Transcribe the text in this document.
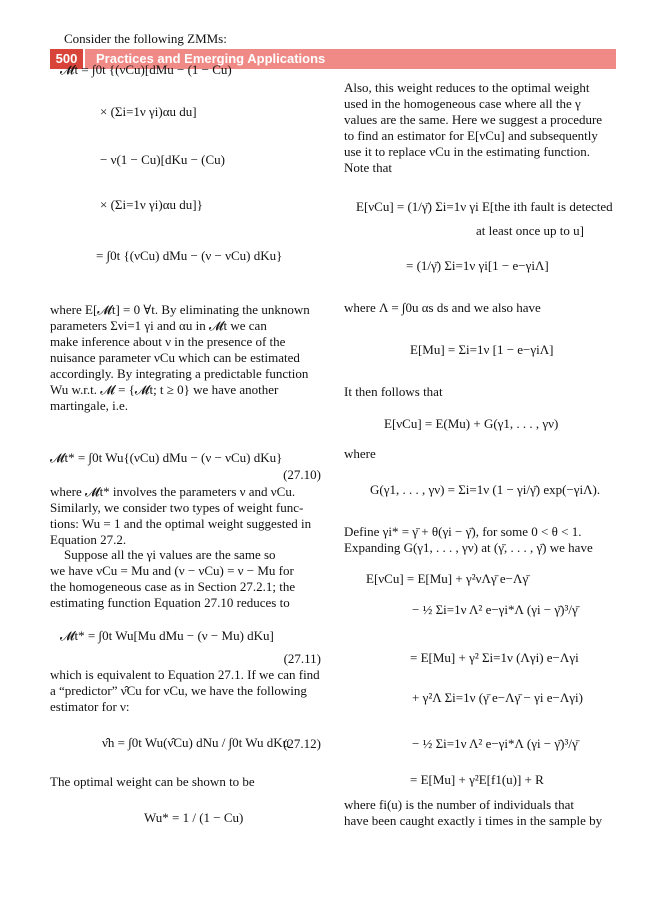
500	Practices and Emerging Applications
Consider the following ZMMs:
𝓜t = ∫0t {(νCu)[dMu − (1 − Cu)
× (Σi=1ν γi)αu du]
− ν(1 − Cu)[dKu − (Cu)
× (Σi=1ν γi)αu du]}
= ∫0t {(νCu) dMu − (ν − νCu) dKu}
where E[𝓜t] = 0 ∀t. By eliminating the unknown
parameters Σνi=1 γi and αu in 𝓜t we can
make inference about ν in the presence of the
nuisance parameter νCu which can be estimated
accordingly. By integrating a predictable function
Wu w.r.t. 𝓜 = {𝓜t; t ≥ 0} we have another
martingale, i.e.
𝓜t* = ∫0t Wu{(νCu) dMu − (ν − νCu) dKu}
(27.10)
where 𝓜t* involves the parameters ν and νCu.
Similarly, we consider two types of weight func-
tions: Wu = 1 and the optimal weight suggested in
Equation 27.2.
Suppose all the γi values are the same so
we have νCu = Mu and (ν − νCu) = ν − Mu for
the homogeneous case as in Section 27.2.1; the
estimating function Equation 27.10 reduces to
𝓜t* = ∫0t Wu[Mu dMu − (ν − Mu) dKu]
(27.11)
which is equivalent to Equation 27.1. If we can find
a “predictor” ν̂Cu for νCu, we have the following
estimator for ν:
ν̂h = ∫0t Wu(ν̂Cu) dNu / ∫0t Wu dKu
(27.12)
The optimal weight can be shown to be
Wu* = 1 / (1 − Cu)
Also, this weight reduces to the optimal weight
used in the homogeneous case where all the γ
values are the same. Here we suggest a procedure
to find an estimator for E[νCu] and subsequently
use it to replace νCu in the estimating function.
Note that
E[νCu] = (1/γ̄) Σi=1ν γi E[the ith fault is detected
at least once up to u]
= (1/γ̄) Σi=1ν γi[1 − e−γiΛ]
where Λ = ∫0u αs ds and we also have
E[Mu] = Σi=1ν [1 − e−γiΛ]
It then follows that
E[νCu] = E(Mu) + G(γ1, . . . , γν)
where
G(γ1, . . . , γν) = Σi=1ν (1 − γi/γ̄) exp(−γiΛ).
Define γi* = γ̄ + θ(γi − γ̄), for some 0 < θ < 1.
Expanding G(γ1, . . . , γν) at (γ̄, . . . , γ̄) we have
E[νCu] = E[Mu] + γ²νΛγ̄ e−Λγ̄
− ½ Σi=1ν Λ² e−γi*Λ (γi − γ̄)³/γ̄
= E[Mu] + γ² Σi=1ν (Λγi) e−Λγi
+ γ²Λ Σi=1ν (γ̄ e−Λγ̄ − γi e−Λγi)
− ½ Σi=1ν Λ² e−γi*Λ (γi − γ̄)³/γ̄
= E[Mu] + γ²E[f1(u)] + R
where fi(u) is the number of individuals that
have been caught exactly i times in the sample by
